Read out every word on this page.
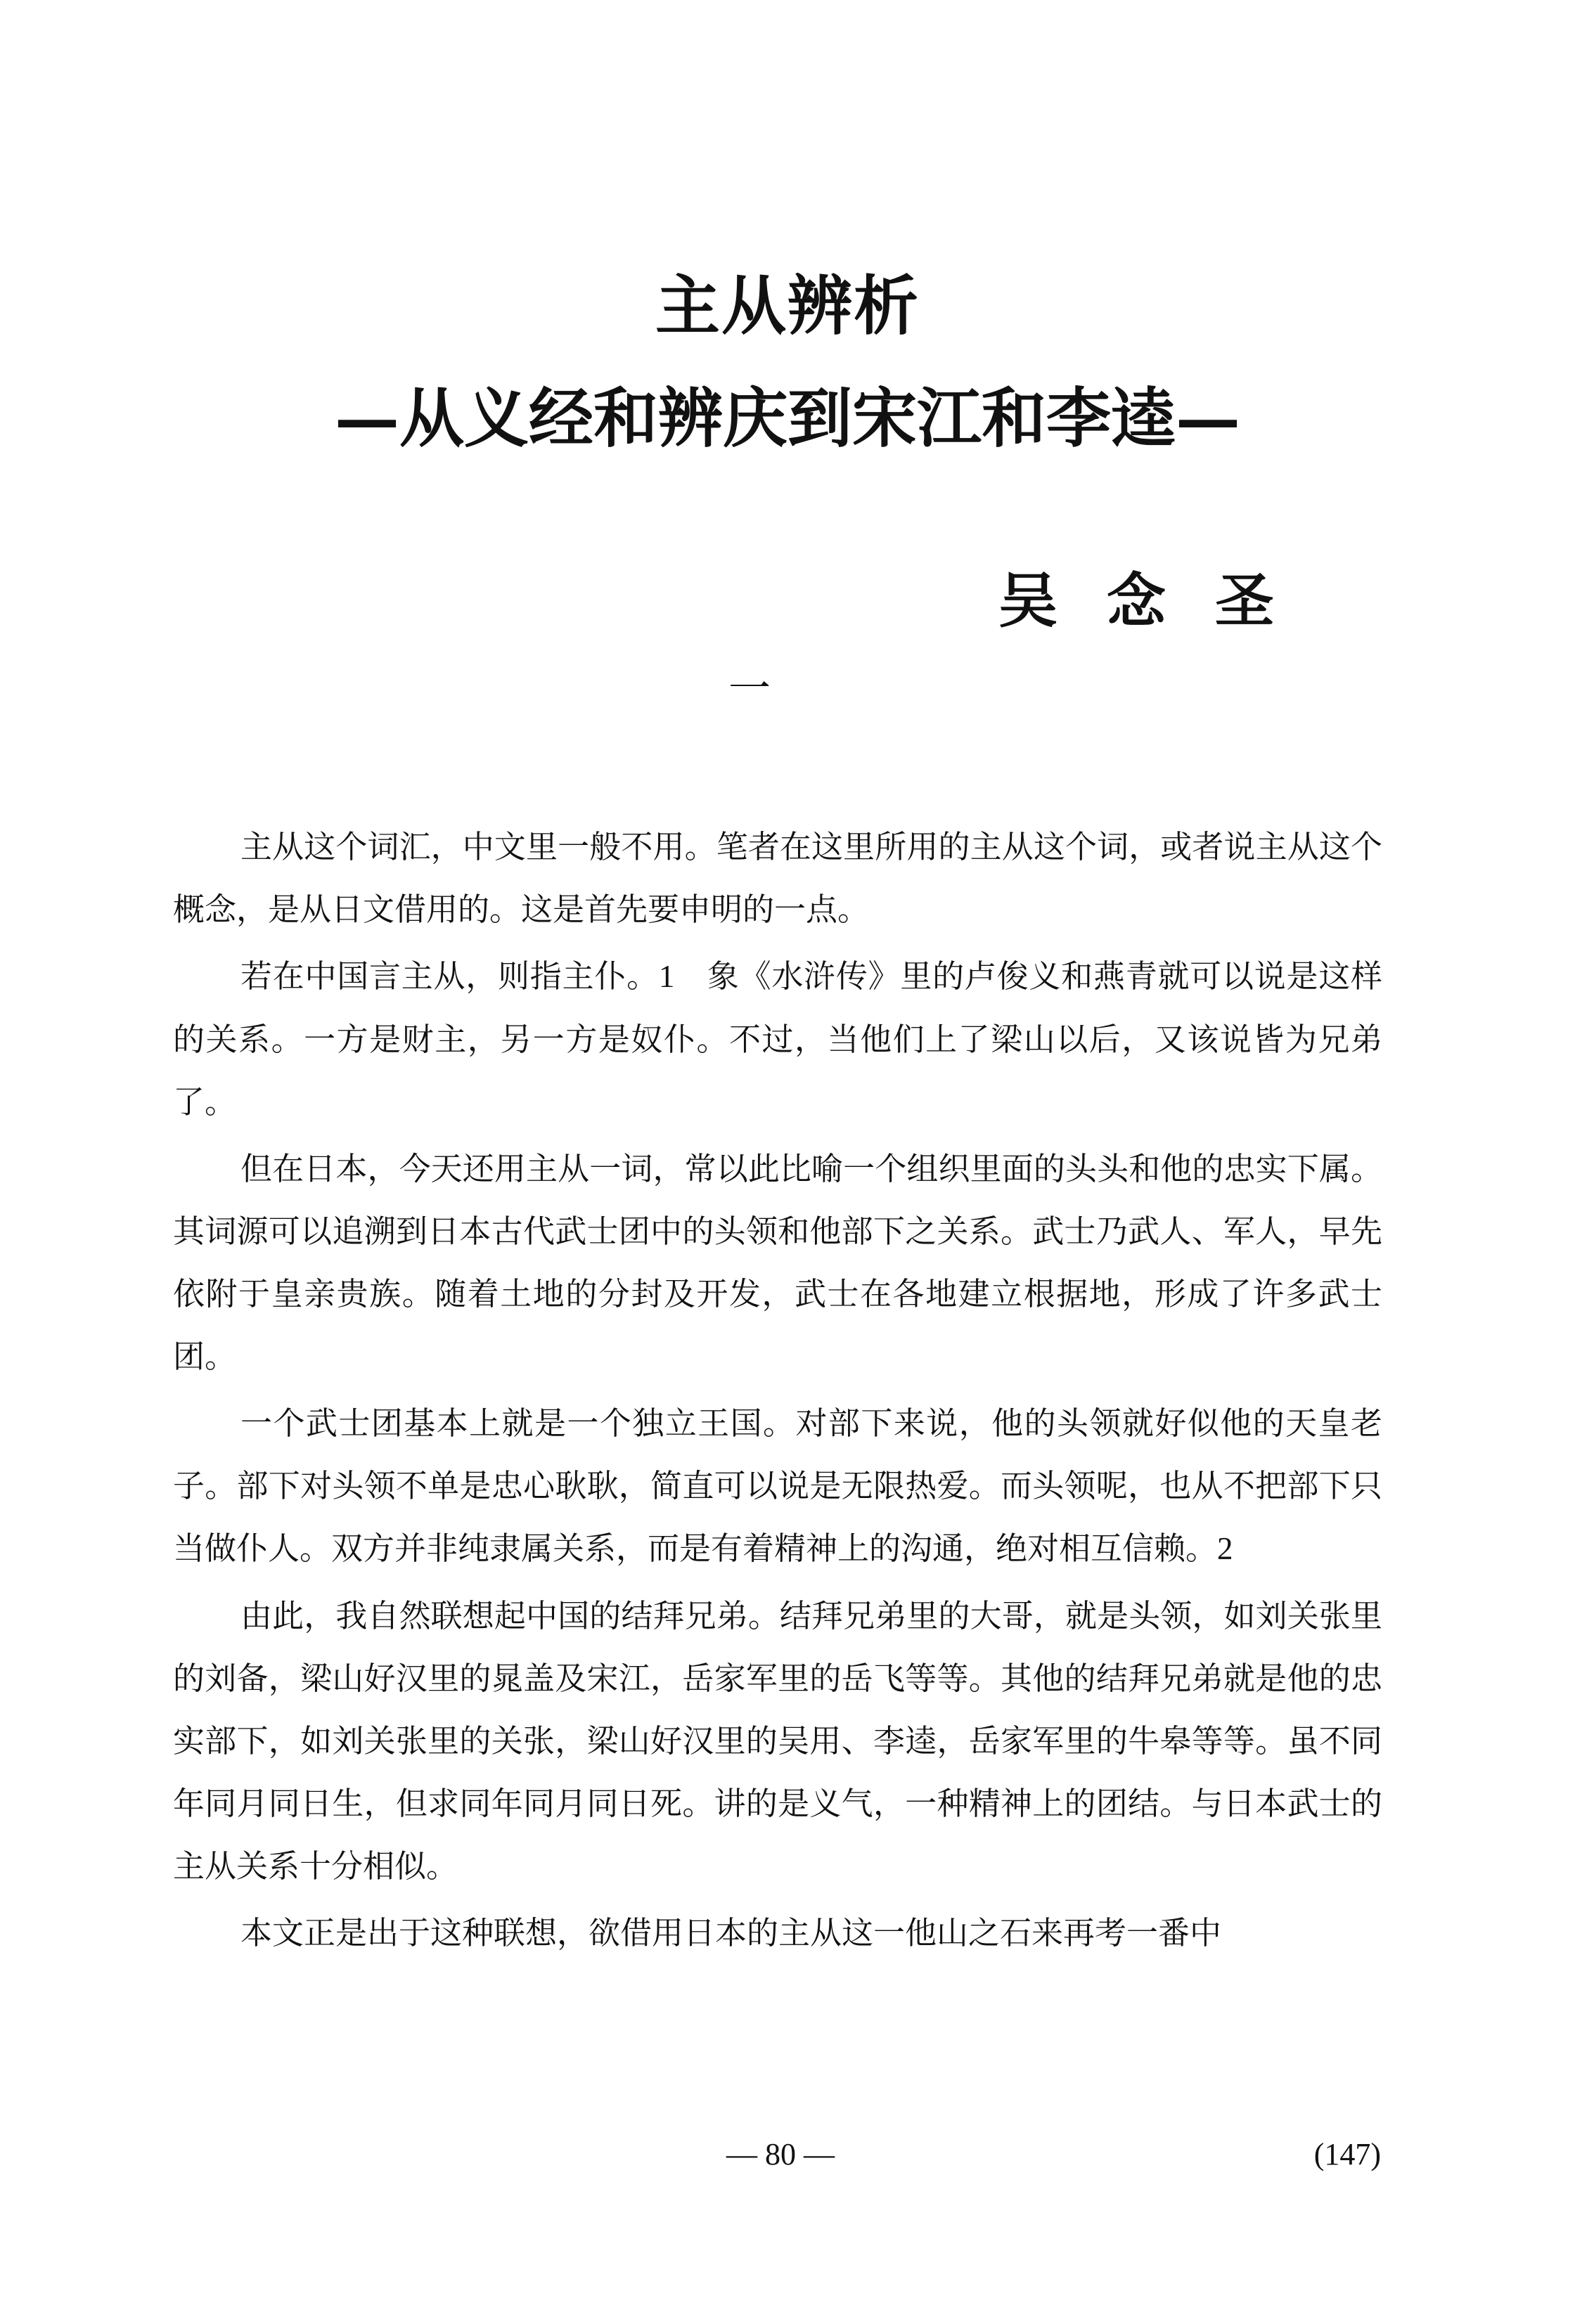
主从辨析
—从义经和辨庆到宋江和李逵—
吴念圣
一

主从这个词汇，中文里一般不用。笔者在这里所用的主从这个词，或者说主从这个概念，是从日文借用的。这是首先要申明的一点。

若在中国言主从，则指主仆。1　象《水浒传》里的卢俊义和燕青就可以说是这样的关系。一方是财主，另一方是奴仆。不过，当他们上了梁山以后，又该说皆为兄弟了。

但在日本，今天还用主从一词，常以此比喻一个组织里面的头头和他的忠实下属。其词源可以追溯到日本古代武士团中的头领和他部下之关系。武士乃武人、军人，早先依附于皇亲贵族。随着土地的分封及开发，武士在各地建立根据地，形成了许多武士团。

一个武士团基本上就是一个独立王国。对部下来说，他的头领就好似他的天皇老子。部下对头领不单是忠心耿耿，简直可以说是无限热爱。而头领呢，也从不把部下只当做仆人。双方并非纯隶属关系，而是有着精神上的沟通，绝对相互信赖。2

由此，我自然联想起中国的结拜兄弟。结拜兄弟里的大哥，就是头领，如刘关张里的刘备，梁山好汉里的晁盖及宋江，岳家军里的岳飞等等。其他的结拜兄弟就是他的忠实部下，如刘关张里的关张，梁山好汉里的吴用、李逵，岳家军里的牛皋等等。虽不同年同月同日生，但求同年同月同日死。讲的是义气，一种精神上的团结。与日本武士的主从关系十分相似。

本文正是出于这种联想，欲借用日本的主从这一他山之石来再考一番中

— 80 —	(147)
